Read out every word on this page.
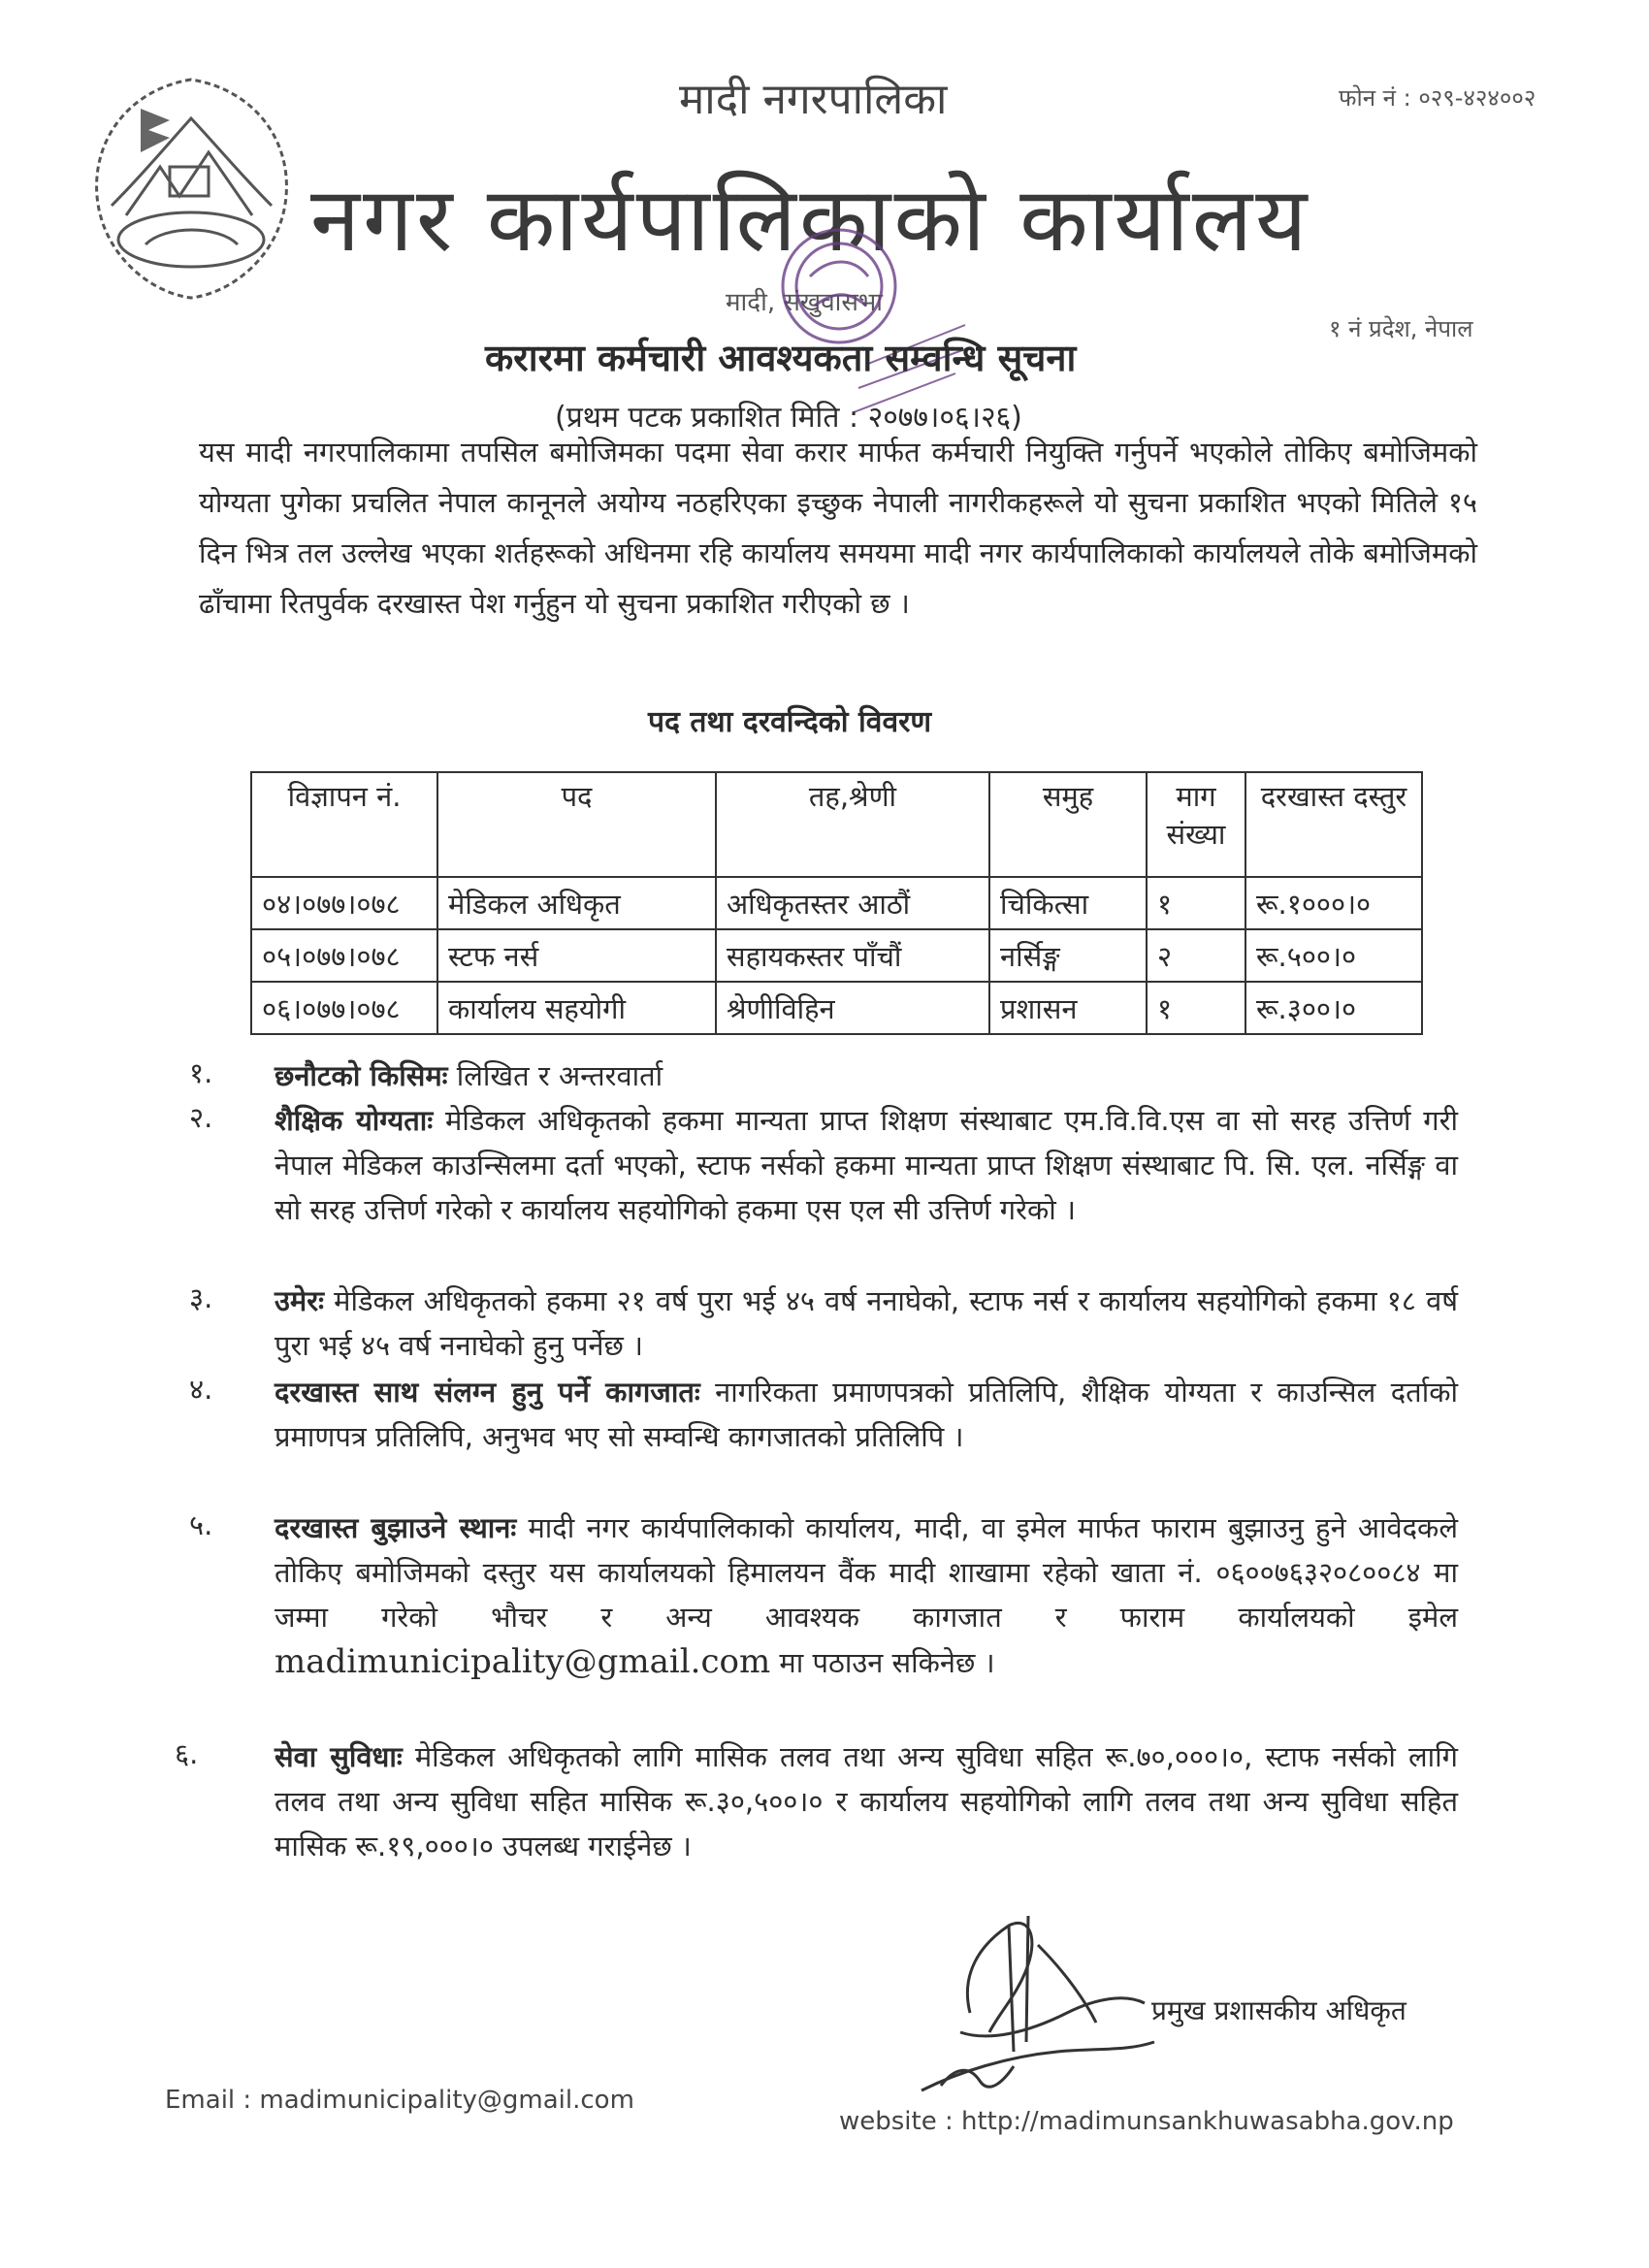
मादी नगरपालिका	फोन नं : ०२९-४२४००२
नगर कार्यपालिकाको कार्यालय
मादी, संखुवासभा
१ नं प्रदेश, नेपाल
करारमा कर्मचारी आवश्यकता सम्वन्धि सूचना
(प्रथम पटक प्रकाशित मिति : २०७७।०६।२६)
यस मादी नगरपालिकामा तपसिल बमोजिमका पदमा सेवा करार मार्फत कर्मचारी नियुक्ति गर्नुपर्ने भएकोले तोकिए बमोजिमको योग्यता पुगेका प्रचलित नेपाल कानूनले अयोग्य नठहरिएका इच्छुक नेपाली नागरीकहरूले यो सुचना प्रकाशित भएको मितिले १५ दिन भित्र तल उल्लेख भएका शर्तहरूको अधिनमा रहि कार्यालय समयमा मादी नगर कार्यपालिकाको कार्यालयले तोके बमोजिमको ढाँचामा रितपुर्वक दरखास्त पेश गर्नुहुन यो सुचना प्रकाशित गरीएको छ ।
पद तथा दरवन्दिको विवरण
विज्ञापन नं.	पद	तह,श्रेणी	समुह	माग संख्या	दरखास्त दस्तुर
०४।०७७।०७८	मेडिकल अधिकृत	अधिकृतस्तर आठौं	चिकित्सा	१	रू.१०००।०
०५।०७७।०७८	स्टफ नर्स	सहायकस्तर पाँचौं	नर्सिङ्ग	२	रू.५००।०
०६।०७७।०७८	कार्यालय सहयोगी	श्रेणीविहिन	प्रशासन	१	रू.३००।०
१. छनौटको किसिमः लिखित र अन्तरवार्ता
२. शैक्षिक योग्यताः मेडिकल अधिकृतको हकमा मान्यता प्राप्त शिक्षण संस्थाबाट एम.वि.वि.एस वा सो सरह उत्तिर्ण गरी नेपाल मेडिकल काउन्सिलमा दर्ता भएको, स्टाफ नर्सको हकमा मान्यता प्राप्त शिक्षण संस्थाबाट पि. सि. एल. नर्सिङ्ग वा सो सरह उत्तिर्ण गरेको र कार्यालय सहयोगिको हकमा एस एल सी उत्तिर्ण गरेको ।
३. उमेरः मेडिकल अधिकृतको हकमा २१ वर्ष पुरा भई ४५ वर्ष ननाघेको, स्टाफ नर्स र कार्यालय सहयोगिको हकमा १८ वर्ष पुरा भई ४५ वर्ष ननाघेको हुनु पर्नेछ ।
४. दरखास्त साथ संलग्न हुनु पर्ने कागजातः नागरिकता प्रमाणपत्रको प्रतिलिपि, शैक्षिक योग्यता र काउन्सिल दर्ताको प्रमाणपत्र प्रतिलिपि, अनुभव भए सो सम्वन्धि कागजातको प्रतिलिपि ।
५. दरखास्त बुझाउने स्थानः मादी नगर कार्यपालिकाको कार्यालय, मादी, वा इमेल मार्फत फाराम बुझाउनु हुने आवेदकले तोकिए बमोजिमको दस्तुर यस कार्यालयको हिमालयन वैंक मादी शाखामा रहेको खाता नं. ०६००७६३२०८००८४ मा जम्मा गरेको भौचर र अन्य आवश्यक कागजात र फाराम कार्यालयको इमेल madimunicipality@gmail.com मा पठाउन सकिनेछ ।
६.	सेवा सुविधाः मेडिकल अधिकृतको लागि मासिक तलव तथा अन्य सुविधा सहित रू.७०,०००।०, स्टाफ नर्सको लागि तलव तथा अन्य सुविधा सहित मासिक रू.३०,५००।० र कार्यालय सहयोगिको लागि तलव तथा अन्य सुविधा सहित मासिक रू.१९,०००।० उपलब्ध गराईनेछ ।
प्रमुख प्रशासकीय अधिकृत
Email : madimunicipality@gmail.com
website : http://madimunsankhuwasabha.gov.np
